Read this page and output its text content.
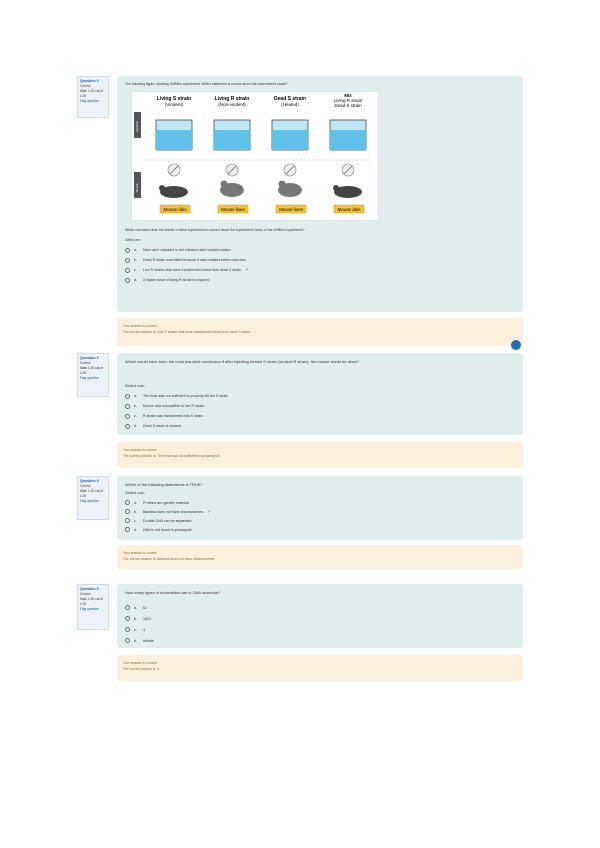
Question 2
Correct
Mark 1.00 out of 1.00
Flag question
The following figure, showing Griffith's experiment. Which statement is correct about the experiment's result?
Injection
Result
Living S strain
(Virulent)
Mouse dies
Living R strain
(Non-virulent)
Mouse lives
Dead S strain
(Heated)
Mouse lives
Mix
Living R strain
Dead S strain
Mouse dies
Which conclusion from the results in these experiments is correct about the experiment's factor of the Griffith's experiment?
Select one:
a.	Mice were resistant to the infection after transformation
b.	Dead R strain was killed because it was mutated before injection
c.	Live R strains that were transformed found from dead S strain ✓
d.	A higher dose of living R strain is required
Your answer is correct.
The correct answer is: Live R strains that were transformed found from dead S strain
Question 3
Correct
Mark 1.00 out of 1.00
Flag question
Which would have been the most plausible conclusion if after injecting heated S strain (virulent R strain), the mouse would be dead?
Select one:
a.	The heat was not sufficient to properly kill the S strain
b.	Mouse was susceptible to live R strain
c.	R strain was transformed into S strain
d.	Dead S strain is virulent
Your answer is correct.
The correct answer is: The heat was not sufficient to properly kill
Question 4
Correct
Mark 1.00 out of 1.00
Flag question
Which of the following statements is TRUE?
Select one:
a.	Proteins are genetic material
b.	Bacteria does not have chromosomes ✓
c.	Double DNA can be separated
d.	DNA is not found in prokaryote
Your answer is correct.
The correct answer is: Bacteria does not have chromosomes
Question 5
Correct
Mark 1.00 out of 1.00
Flag question
How many types of nucleotides are in DNA molecule?
a.	62
b.	1024
c.	4
d.	Infinite
Your answer is correct.
The correct answer is: 4
